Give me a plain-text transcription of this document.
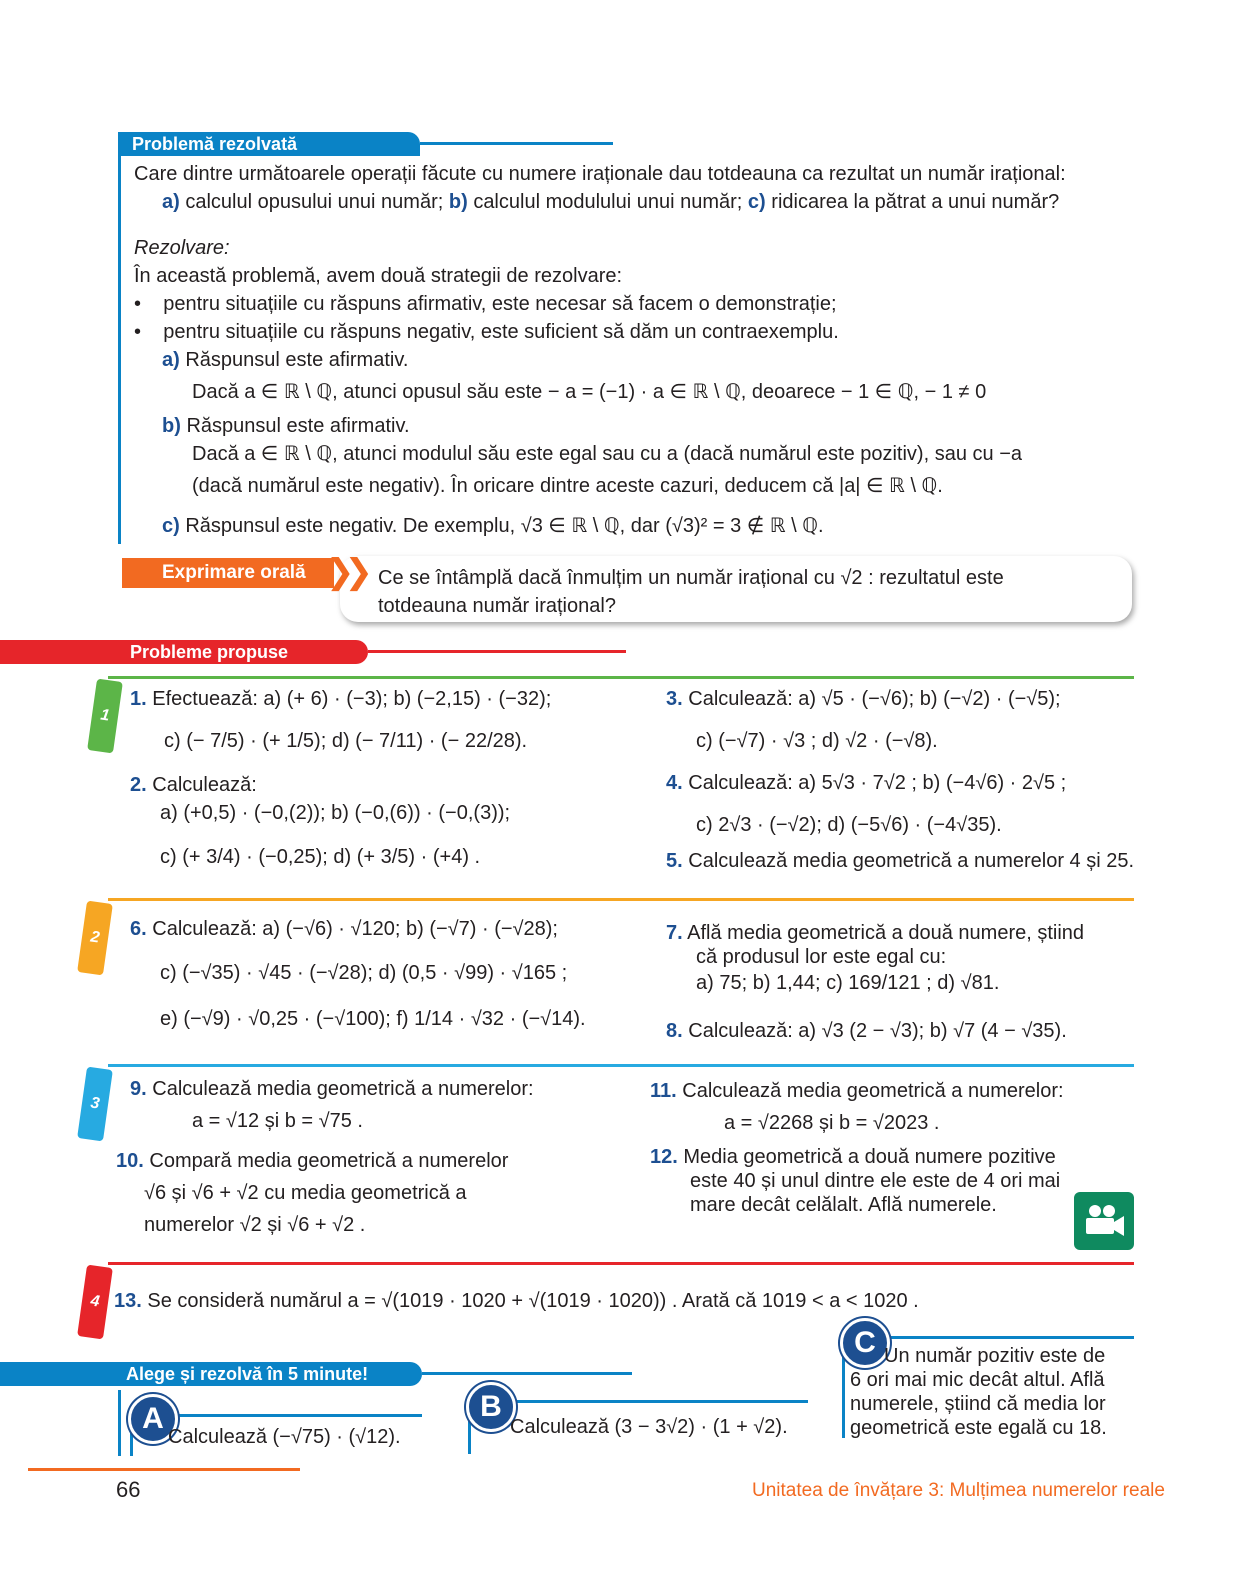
Problemă rezolvată
Care dintre următoarele operații făcute cu numere iraționale dau totdeauna ca rezultat un număr irațional:
a) calculul opusului unui număr; b) calculul modulului unui număr; c) ridicarea la pătrat a unui număr?
Rezolvare:
În această problemă, avem două strategii de rezolvare:
•    pentru situațiile cu răspuns afirmativ, este necesar să facem o demonstrație;
•    pentru situațiile cu răspuns negativ, este suficient să dăm un contraexemplu.
a) Răspunsul este afirmativ.
Dacă a ∈ ℝ \ ℚ, atunci opusul său este − a = (−1) · a ∈ ℝ \ ℚ, deoarece − 1 ∈ ℚ, − 1 ≠ 0
b) Răspunsul este afirmativ.
Dacă a ∈ ℝ \ ℚ, atunci modulul său este egal sau cu a (dacă numărul este pozitiv), sau cu −a
(dacă numărul este negativ). În oricare dintre aceste cazuri, deducem că |a| ∈ ℝ \ ℚ.
c) Răspunsul este negativ. De exemplu, √3 ∈ ℝ \ ℚ, dar (√3)² = 3 ∉ ℝ \ ℚ.
Exprimare orală ❯❯ Ce se întâmplă dacă înmulțim un număr irațional cu √2 : rezultatul este
totdeauna număr irațional?
Probleme propuse
1
2
3
4
1. Efectuează: a) (+ 6) · (−3); b) (−2,15) · (−32);
c) (− 7/5) · (+ 1/5); d) (− 7/11) · (− 22/28).
2. Calculează:
a) (+0,5) · (−0,(2)); b) (−0,(6)) · (−0,(3));
c) (+ 3/4) · (−0,25); d) (+ 3/5) · (+4) .
3. Calculează: a) √5 · (−√6); b) (−√2) · (−√5);
c) (−√7) · √3 ; d) √2 · (−√8).
4. Calculează: a) 5√3 · 7√2 ; b) (−4√6) · 2√5 ;
c) 2√3 · (−√2); d) (−5√6) · (−4√35).
5. Calculează media geometrică a numerelor 4 și 25.
6. Calculează: a) (−√6) · √120; b) (−√7) · (−√28);
c) (−√35) · √45 · (−√28); d) (0,5 · √99) · √165 ;
e) (−√9) · √0,25 · (−√100); f) 1/14 · √32 · (−√14).
7. Află media geometrică a două numere, știind
că produsul lor este egal cu:
a) 75; b) 1,44; c) 169/121 ; d) √81.
8. Calculează: a) √3 (2 − √3); b) √7 (4 − √35).
9. Calculează media geometrică a numerelor:
a = √12 și b = √75 .
10. Compară media geometrică a numerelor
√6 și √6 + √2 cu media geometrică a
numerelor √2 și √6 + √2 .
11. Calculează media geometrică a numerelor:
a = √2268 și b = √2023 .
12. Media geometrică a două numere pozitive
este 40 și unul dintre ele este de 4 ori mai
mare decât celălalt. Află numerele.
13. Se consideră numărul a = √(1019 · 1020 + √(1019 · 1020)) . Arată că 1019 < a < 1020 .
Alege și rezolvă în 5 minute!
A
Calculează (−√75) · (√12).
B
Calculează (3 − 3√2) · (1 + √2).
C Un număr pozitiv este de
6 ori mai mic decât altul. Află
numerele, știind că media lor
geometrică este egală cu 18.
66	Unitatea de învățare 3: Mulțimea numerelor reale
